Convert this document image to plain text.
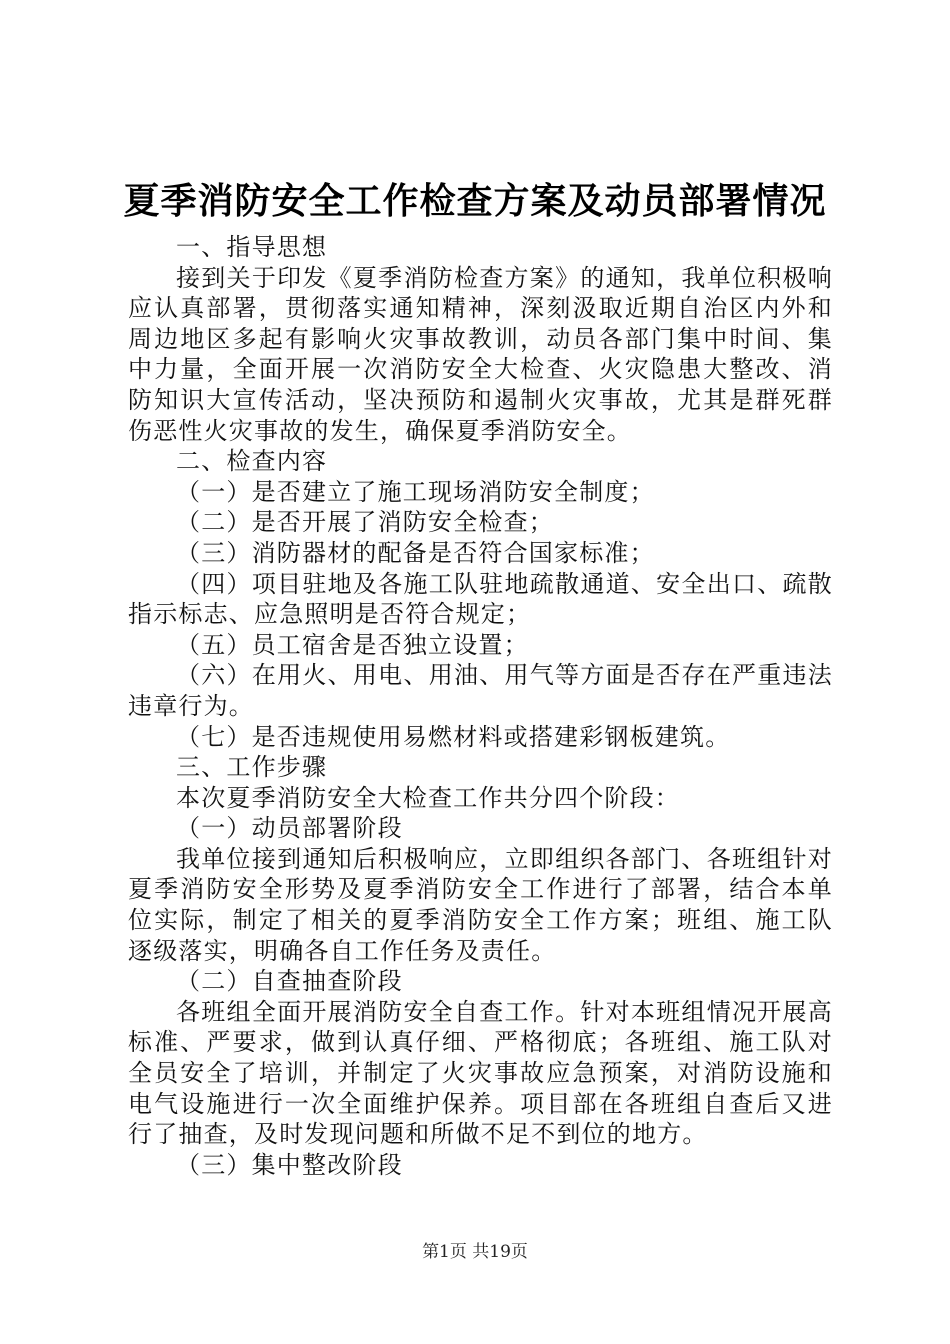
夏季消防安全工作检查方案及动员部署情况

一、指导思想

接到关于印发《夏季消防检查方案》的通知，我单位积极响应认真部署，贯彻落实通知精神，深刻汲取近期自治区内外和周边地区多起有影响火灾事故教训，动员各部门集中时间、集中力量，全面开展一次消防安全大检查、火灾隐患大整改、消防知识大宣传活动，坚决预防和遏制火灾事故，尤其是群死群伤恶性火灾事故的发生，确保夏季消防安全。

二、检查内容

（一）是否建立了施工现场消防安全制度；

（二）是否开展了消防安全检查；

（三）消防器材的配备是否符合国家标准；

（四）项目驻地及各施工队驻地疏散通道、安全出口、疏散指示标志、应急照明是否符合规定；

（五）员工宿舍是否独立设置；

（六）在用火、用电、用油、用气等方面是否存在严重违法违章行为。

（七）是否违规使用易燃材料或搭建彩钢板建筑。

三、工作步骤

本次夏季消防安全大检查工作共分四个阶段：

（一）动员部署阶段

我单位接到通知后积极响应，立即组织各部门、各班组针对夏季消防安全形势及夏季消防安全工作进行了部署，结合本单位实际，制定了相关的夏季消防安全工作方案；班组、施工队逐级落实，明确各自工作任务及责任。

（二）自查抽查阶段

各班组全面开展消防安全自查工作。针对本班组情况开展高标准、严要求，做到认真仔细、严格彻底；各班组、施工队对全员安全了培训，并制定了火灾事故应急预案，对消防设施和电气设施进行一次全面维护保养。项目部在各班组自查后又进行了抽查，及时发现问题和所做不足不到位的地方。

（三）集中整改阶段

第1页 共19页
